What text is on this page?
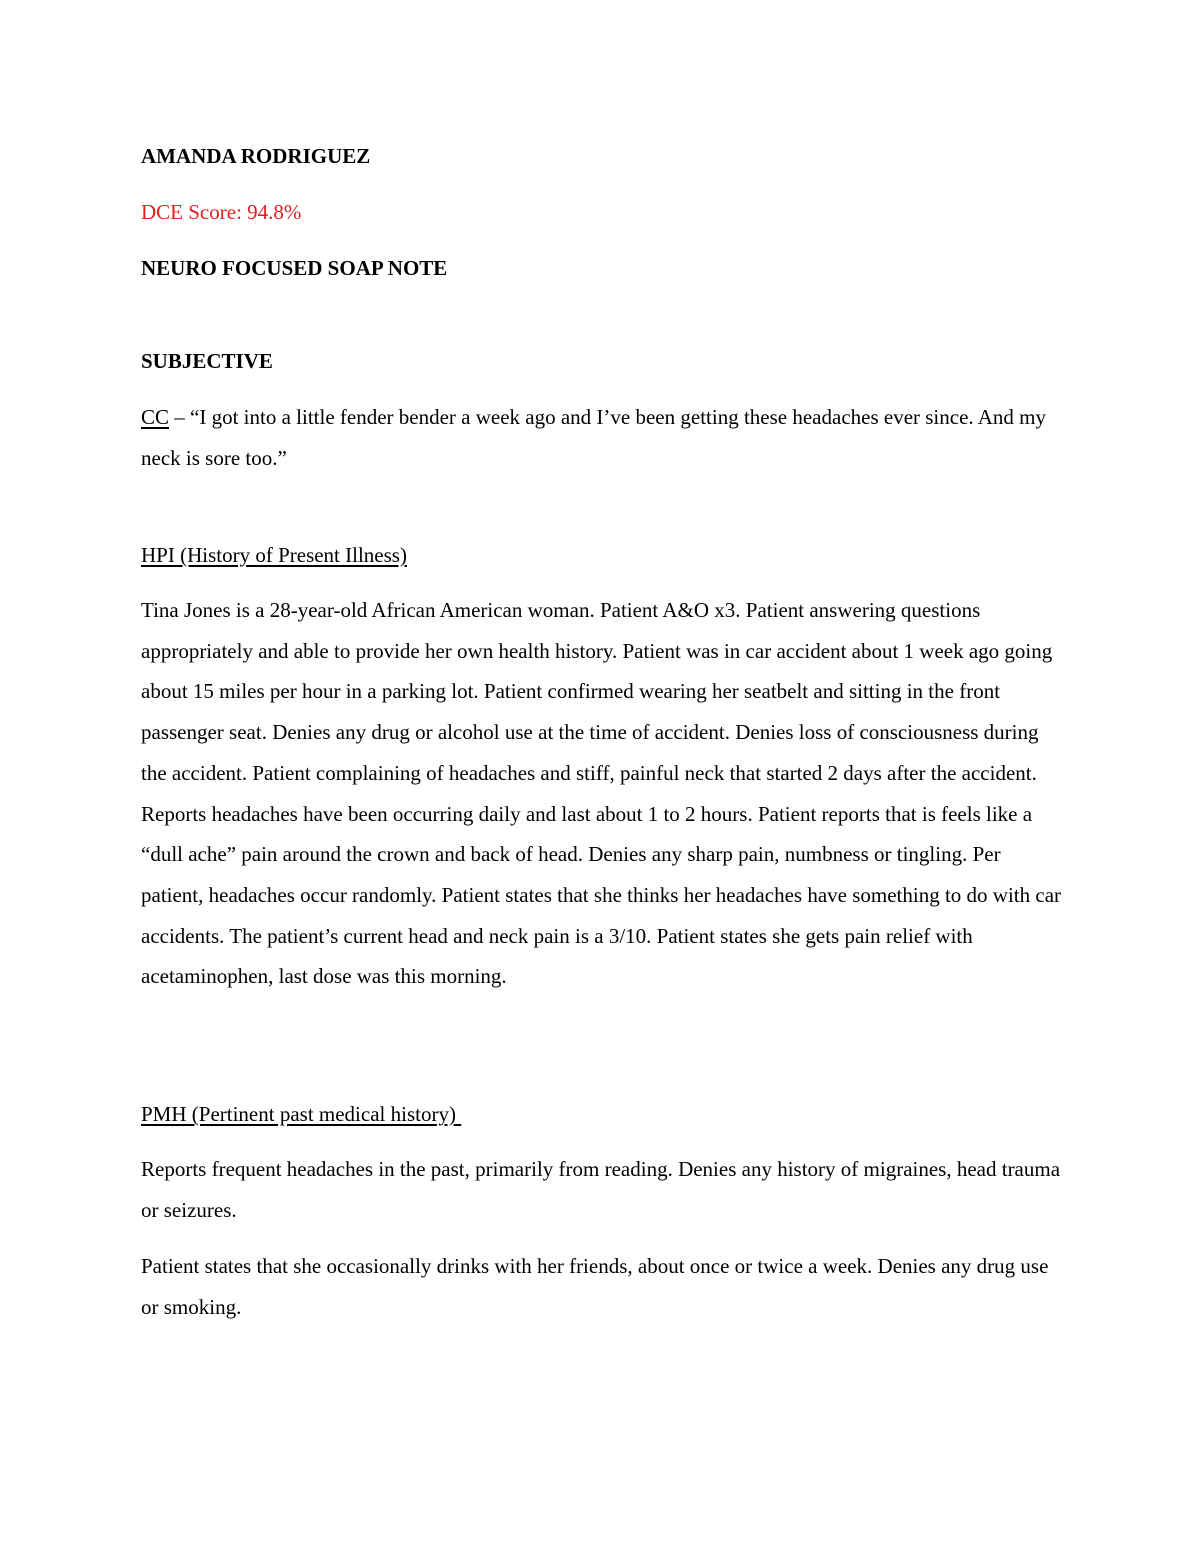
AMANDA RODRIGUEZ

DCE Score: 94.8%

NEURO FOCUSED SOAP NOTE

SUBJECTIVE

CC – “I got into a little fender bender a week ago and I’ve been getting these headaches ever since. And my neck is sore too.”

HPI (History of Present Illness)

Tina Jones is a 28-year-old African American woman. Patient A&O x3. Patient answering questions appropriately and able to provide her own health history. Patient was in car accident about 1 week ago going about 15 miles per hour in a parking lot. Patient confirmed wearing her seatbelt and sitting in the front passenger seat. Denies any drug or alcohol use at the time of accident. Denies loss of consciousness during the accident. Patient complaining of headaches and stiff, painful neck that started 2 days after the accident. Reports headaches have been occurring daily and last about 1 to 2 hours. Patient reports that is feels like a “dull ache” pain around the crown and back of head. Denies any sharp pain, numbness or tingling. Per patient, headaches occur randomly. Patient states that she thinks her headaches have something to do with car accidents. The patient’s current head and neck pain is a 3/10. Patient states she gets pain relief with acetaminophen, last dose was this morning.

PMH (Pertinent past medical history)

Reports frequent headaches in the past, primarily from reading. Denies any history of migraines, head trauma or seizures.

Patient states that she occasionally drinks with her friends, about once or twice a week. Denies any drug use or smoking.
